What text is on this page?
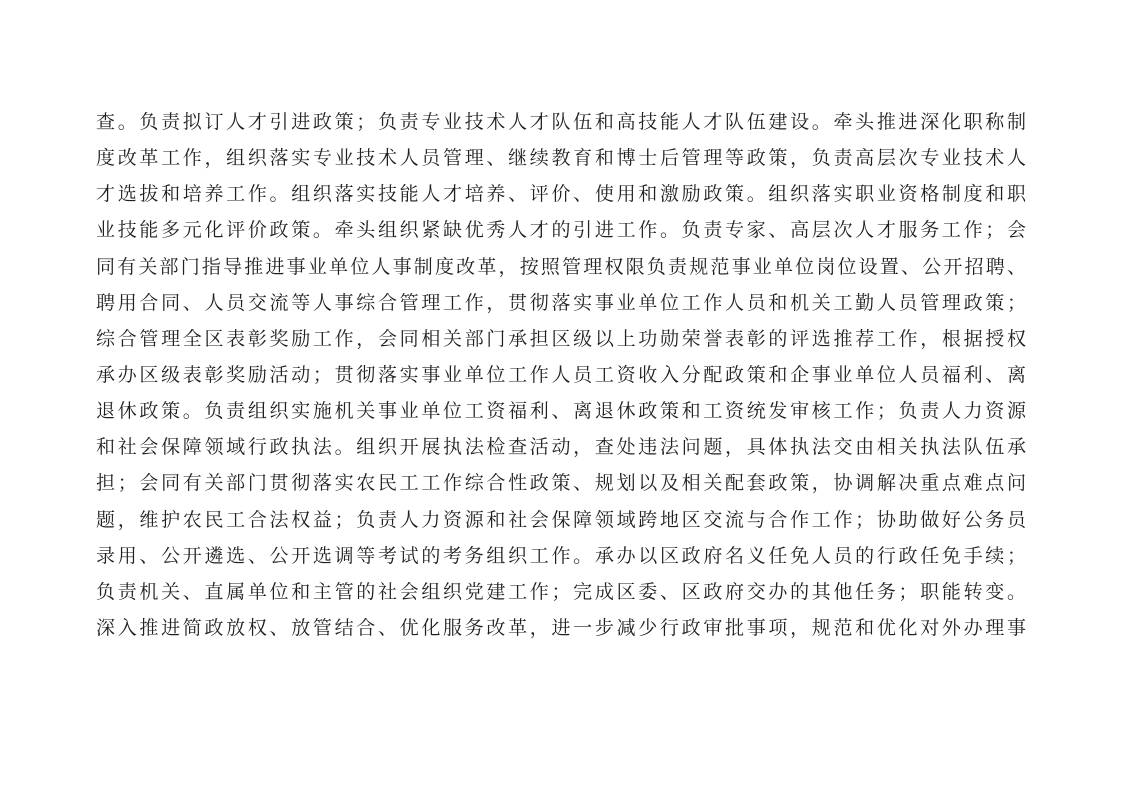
查。负责拟订人才引进政策；负责专业技术人才队伍和高技能人才队伍建设。牵头推进深化职称制
度改革工作，组织落实专业技术人员管理、继续教育和博士后管理等政策，负责高层次专业技术人
才选拔和培养工作。组织落实技能人才培养、评价、使用和激励政策。组织落实职业资格制度和职
业技能多元化评价政策。牵头组织紧缺优秀人才的引进工作。负责专家、高层次人才服务工作；会
同有关部门指导推进事业单位人事制度改革，按照管理权限负责规范事业单位岗位设置、公开招聘、
聘用合同、人员交流等人事综合管理工作，贯彻落实事业单位工作人员和机关工勤人员管理政策；
综合管理全区表彰奖励工作，会同相关部门承担区级以上功勋荣誉表彰的评选推荐工作，根据授权
承办区级表彰奖励活动；贯彻落实事业单位工作人员工资收入分配政策和企事业单位人员福利、离
退休政策。负责组织实施机关事业单位工资福利、离退休政策和工资统发审核工作；负责人力资源
和社会保障领域行政执法。组织开展执法检查活动，查处违法问题，具体执法交由相关执法队伍承
担；会同有关部门贯彻落实农民工工作综合性政策、规划以及相关配套政策，协调解决重点难点问
题，维护农民工合法权益；负责人力资源和社会保障领域跨地区交流与合作工作；协助做好公务员
录用、公开遴选、公开选调等考试的考务组织工作。承办以区政府名义任免人员的行政任免手续；
负责机关、直属单位和主管的社会组织党建工作；完成区委、区政府交办的其他任务；职能转变。
深入推进简政放权、放管结合、优化服务改革，进一步减少行政审批事项，规范和优化对外办理事
